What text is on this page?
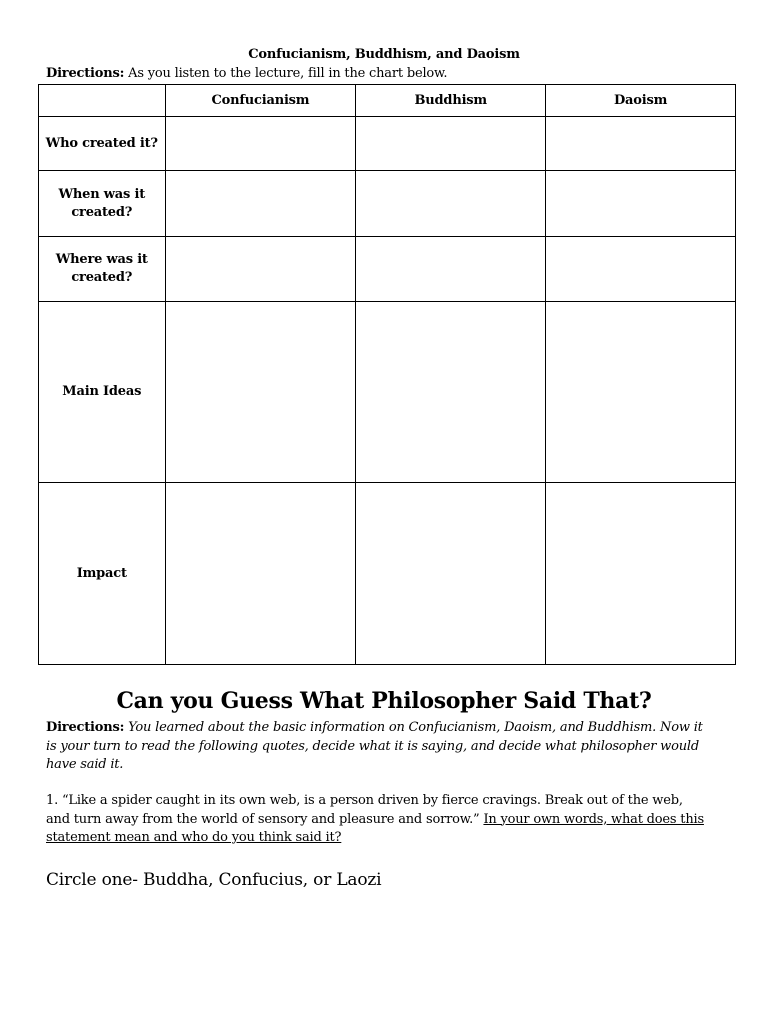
Confucianism, Buddhism, and Daoism
Directions: As you listen to the lecture, fill in the chart below.
	Confucianism	Buddhism	Daoism
Who created it?			
When was it created?			
Where was it created?			
Main Ideas			
Impact			
Can you Guess What Philosopher Said That?
Directions: You learned about the basic information on Confucianism, Daoism, and Buddhism. Now it is your turn to read the following quotes, decide what it is saying, and decide what philosopher would have said it.
1. “Like a spider caught in its own web, is a person driven by fierce cravings. Break out of the web, and turn away from the world of sensory and pleasure and sorrow.” In your own words, what does this statement mean and who do you think said it?
Circle one- Buddha, Confucius, or Laozi
